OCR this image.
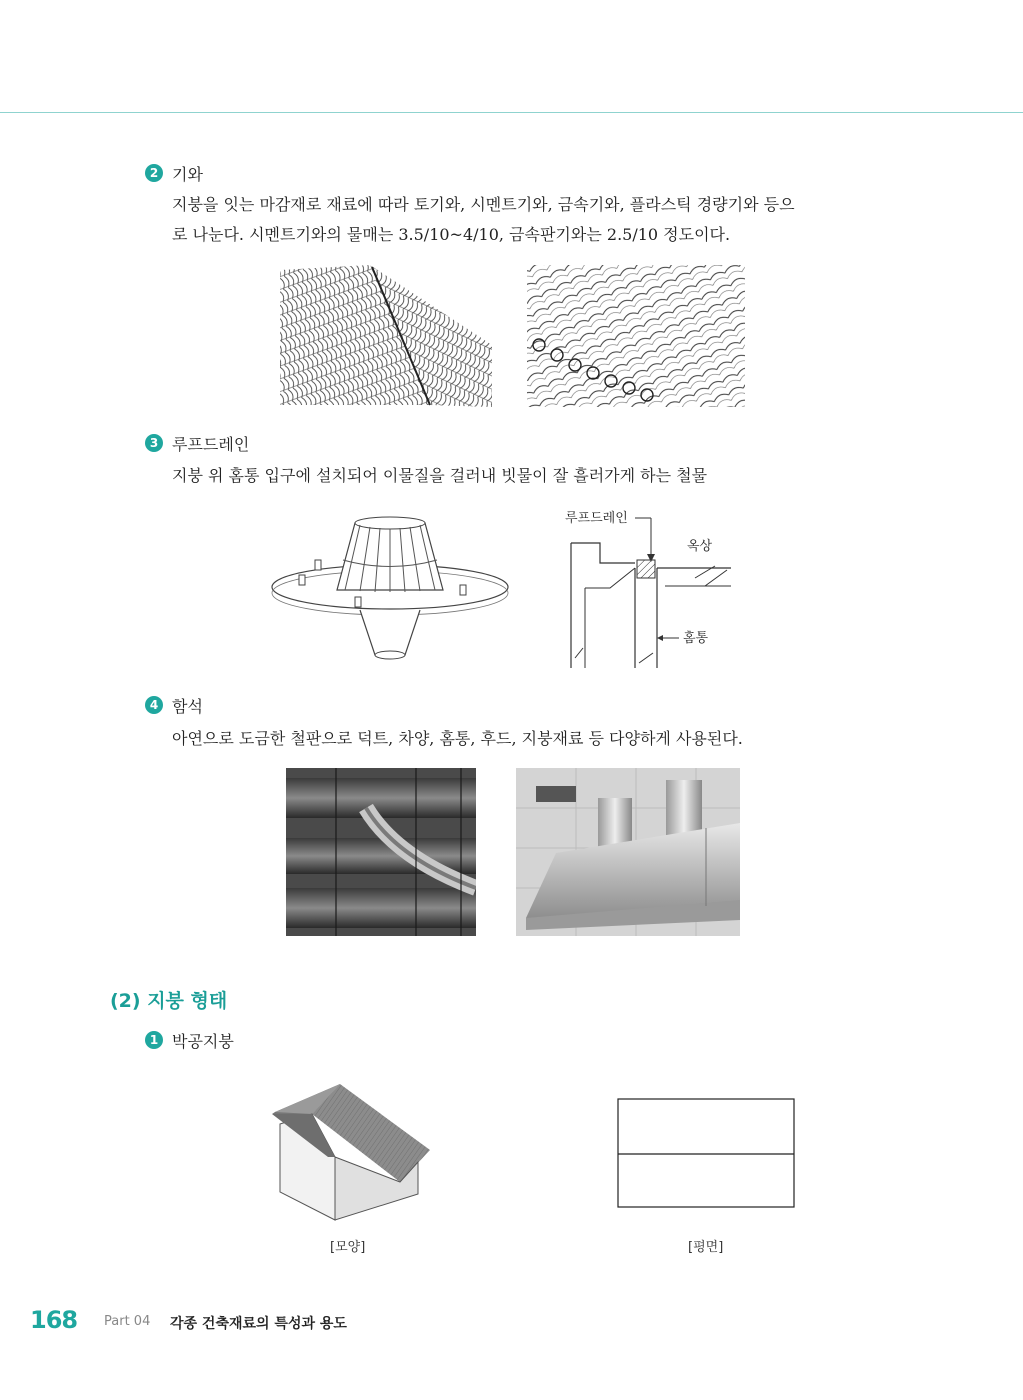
2 기와
지붕을 잇는 마감재로 재료에 따라 토기와, 시멘트기와, 금속기와, 플라스틱 경량기와 등으
로 나눈다. 시멘트기와의 물매는 3.5/10~4/10, 금속판기와는 2.5/10 정도이다.
3 루프드레인
지붕 위 홈통 입구에 설치되어 이물질을 걸러내 빗물이 잘 흘러가게 하는 철물
루프드레인
옥상
홈통
4 함석
아연으로 도금한 철판으로 덕트, 차양, 홈통, 후드, 지붕재료 등 다양하게 사용된다.
(2) 지붕 형태
1 박공지붕
[모양]	[평면]
168 Part 04 각종 건축재료의 특성과 용도
